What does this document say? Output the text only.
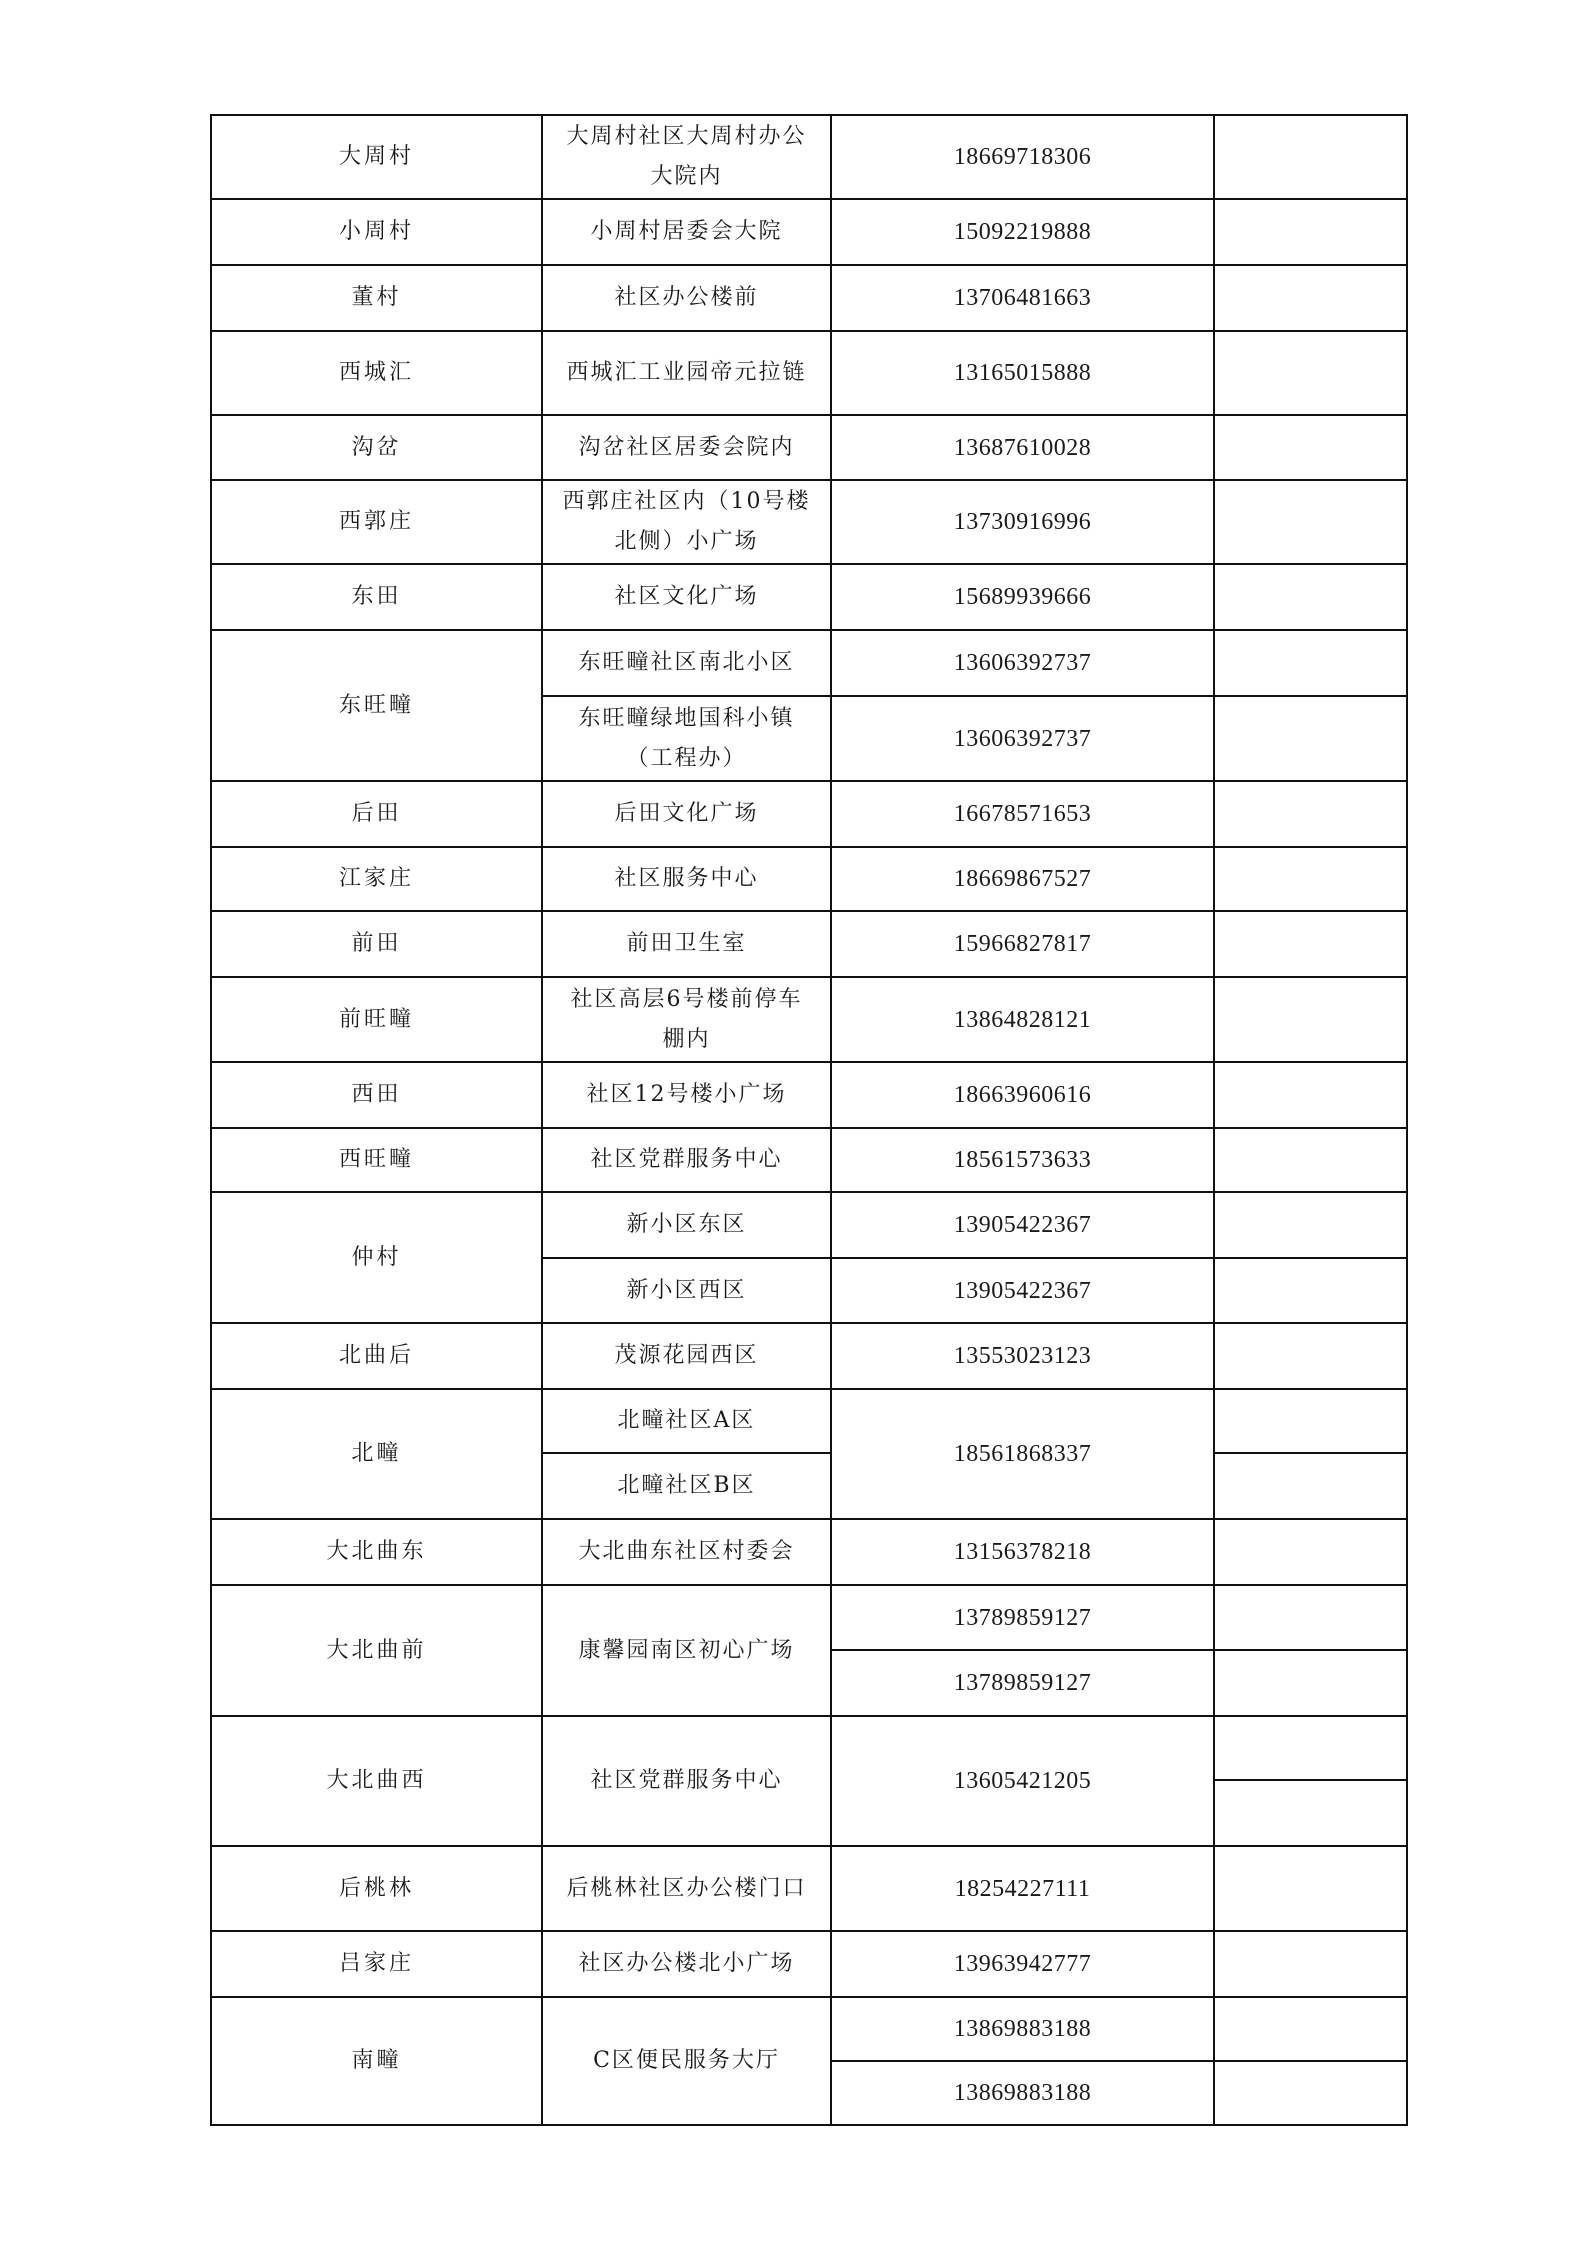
大周村	大周村社区大周村办公大院内	18669718306	
小周村	小周村居委会大院	15092219888	
董村	社区办公楼前	13706481663	
西城汇	西城汇工业园帝元拉链	13165015888	
沟岔	沟岔社区居委会院内	13687610028	
西郭庄	西郭庄社区内（10号楼北侧）小广场	13730916996	
东田	社区文化广场	15689939666	
东旺疃	东旺疃社区南北小区	13606392737	
	东旺疃绿地国科小镇（工程办）	13606392737	
后田	后田文化广场	16678571653	
江家庄	社区服务中心	18669867527	
前田	前田卫生室	15966827817	
前旺疃	社区高层6号楼前停车棚内	13864828121	
西田	社区12号楼小广场	18663960616	
西旺疃	社区党群服务中心	18561573633	
仲村	新小区东区	13905422367	
	新小区西区	13905422367	
北曲后	茂源花园西区	13553023123	
北疃	北疃社区A区	18561868337	
	北疃社区B区		
大北曲东	大北曲东社区村委会	13156378218	
大北曲前	康馨园南区初心广场	13789859127	
		13789859127	
大北曲西	社区党群服务中心	13605421205	

后桃林	后桃林社区办公楼门口	18254227111	
吕家庄	社区办公楼北小广场	13963942777	
南疃	C区便民服务大厅	13869883188	
		13869883188	
